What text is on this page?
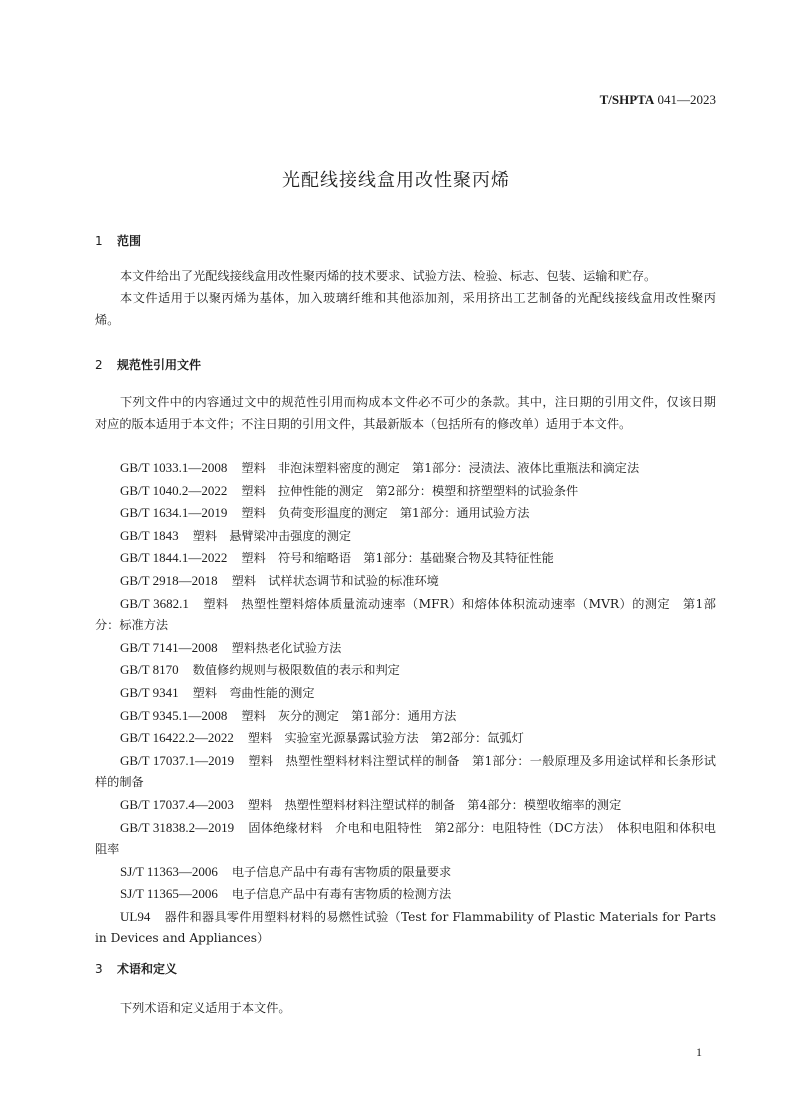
T/SHPTA 041—2023
光配线接线盒用改性聚丙烯
1 范围
本文件给出了光配线接线盒用改性聚丙烯的技术要求、试验方法、检验、标志、包装、运输和贮存。
本文件适用于以聚丙烯为基体，加入玻璃纤维和其他添加剂，采用挤出工艺制备的光配线接线盒用改性聚丙烯。
2 规范性引用文件
下列文件中的内容通过文中的规范性引用而构成本文件必不可少的条款。其中，注日期的引用文件，仅该日期对应的版本适用于本文件；不注日期的引用文件，其最新版本（包括所有的修改单）适用于本文件。
GB/T 1033.1—2008 塑料　非泡沫塑料密度的测定　第1部分：浸渍法、液体比重瓶法和滴定法
GB/T 1040.2—2022 塑料　拉伸性能的测定　第2部分：模塑和挤塑塑料的试验条件
GB/T 1634.1—2019 塑料　负荷变形温度的测定　第1部分：通用试验方法
GB/T 1843 塑料　悬臂梁冲击强度的测定
GB/T 1844.1—2022 塑料　符号和缩略语　第1部分：基础聚合物及其特征性能
GB/T 2918—2018 塑料　试样状态调节和试验的标准环境
GB/T 3682.1 塑料　热塑性塑料熔体质量流动速率（MFR）和熔体体积流动速率（MVR）的测定　第1部分：标准方法
GB/T 7141—2008 塑料热老化试验方法
GB/T 8170 数值修约规则与极限数值的表示和判定
GB/T 9341 塑料　弯曲性能的测定
GB/T 9345.1—2008 塑料　灰分的测定　第1部分：通用方法
GB/T 16422.2—2022 塑料　实验室光源暴露试验方法　第2部分：氙弧灯
GB/T 17037.1—2019 塑料　热塑性塑料材料注塑试样的制备　第1部分：一般原理及多用途试样和长条形试样的制备
GB/T 17037.4—2003 塑料　热塑性塑料材料注塑试样的制备　第4部分：模塑收缩率的测定
GB/T 31838.2—2019 固体绝缘材料　介电和电阻特性　第2部分：电阻特性（DC方法）　体积电阻和体积电阻率
SJ/T 11363—2006 电子信息产品中有毒有害物质的限量要求
SJ/T 11365—2006 电子信息产品中有毒有害物质的检测方法
UL94 器件和器具零件用塑料材料的易燃性试验（Test for Flammability of Plastic Materials for Parts in Devices and Appliances）
3 术语和定义
下列术语和定义适用于本文件。
1
